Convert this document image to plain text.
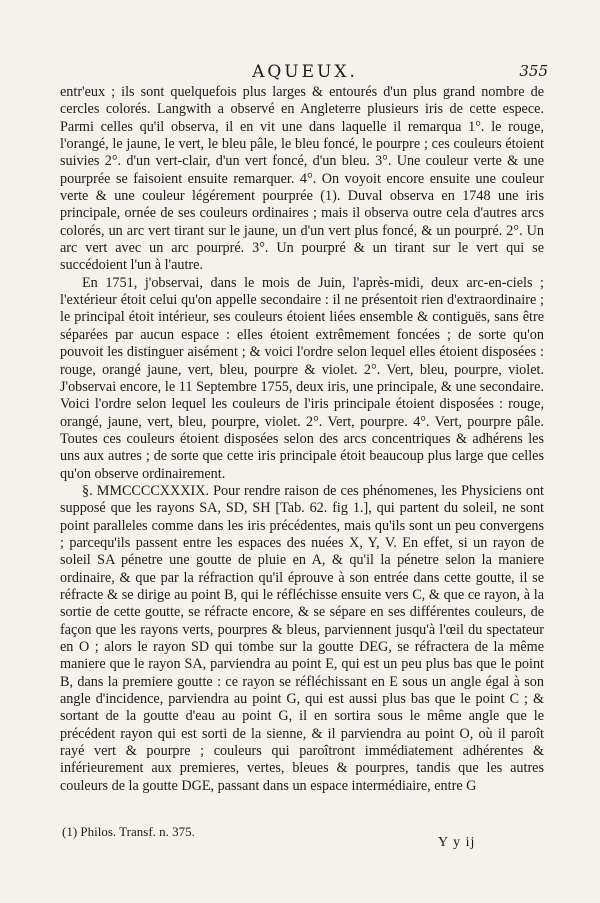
AQUEUX.	355

entr'eux ; ils sont quelquefois plus larges & entourés d'un plus grand nombre de cercles colorés. Langwith a observé en Angleterre plusieurs iris de cette espece. Parmi celles qu'il observa, il en vit une dans laquelle il remarqua 1°. le rouge, l'orangé, le jaune, le vert, le bleu pâle, le bleu foncé, le pourpre ; ces couleurs étoient suivies 2°. d'un vert-clair, d'un vert foncé, d'un bleu. 3°. Une couleur verte & une pourprée se faisoient ensuite remarquer. 4°. On voyoit encore ensuite une couleur verte & une couleur légérement pourprée (1). Duval observa en 1748 une iris principale, ornée de ses couleurs ordinaires ; mais il observa outre cela d'autres arcs colorés, un arc vert tirant sur le jaune, un d'un vert plus foncé, & un pourpré. 2°. Un arc vert avec un arc pourpré. 3°. Un pourpré & un tirant sur le vert qui se succédoient l'un à l'autre.

En 1751, j'observai, dans le mois de Juin, l'après-midi, deux arc-en-ciels ; l'extérieur étoit celui qu'on appelle secondaire : il ne présentoit rien d'extraordinaire ; le principal étoit intérieur, ses couleurs étoient liées ensemble & contiguës, sans être séparées par aucun espace : elles étoient extrêmement foncées ; de sorte qu'on pouvoit les distinguer aisément ; & voici l'ordre selon lequel elles étoient disposées : rouge, orangé jaune, vert, bleu, pourpre & violet. 2°. Vert, bleu, pourpre, violet. J'observai encore, le 11 Septembre 1755, deux iris, une principale, & une secondaire. Voici l'ordre selon lequel les couleurs de l'iris principale étoient disposées : rouge, orangé, jaune, vert, bleu, pourpre, violet. 2°. Vert, pourpre. 4°. Vert, pourpre pâle. Toutes ces couleurs étoient disposées selon des arcs concentriques & adhérens les uns aux autres ; de sorte que cette iris principale étoit beaucoup plus large que celles qu'on observe ordinairement.

§. MMCCCCXXXIX. Pour rendre raison de ces phénomenes, les Physiciens ont supposé que les rayons SA, SD, SH [Tab. 62. fig 1.], qui partent du soleil, ne sont point paralleles comme dans les iris précédentes, mais qu'ils sont un peu convergens ; parcequ'ils passent entre les espaces des nuées X, Y, V. En effet, si un rayon de soleil SA pénetre une goutte de pluie en A, & qu'il la pénetre selon la maniere ordinaire, & que par la réfraction qu'il éprouve à son entrée dans cette goutte, il se réfracte & se dirige au point B, qui le réfléchisse ensuite vers C, & que ce rayon, à la sortie de cette goutte, se réfracte encore, & se sépare en ses différentes couleurs, de façon que les rayons verts, pourpres & bleus, parviennent jusqu'à l'œil du spectateur en O ; alors le rayon SD qui tombe sur la goutte DEG, se réfractera de la même maniere que le rayon SA, parviendra au point E, qui est un peu plus bas que le point B, dans la premiere goutte : ce rayon se réfléchissant en E sous un angle égal à son angle d'incidence, parviendra au point G, qui est aussi plus bas que le point C ; & sortant de la goutte d'eau au point G, il en sortira sous le même angle que le précédent rayon qui est sorti de la sienne, & il parviendra au point O, où il paroît rayé vert & pourpre ; couleurs qui paroîtront immédiatement adhérentes & inférieurement aux premieres, vertes, bleues & pourpres, tandis que les autres couleurs de la goutte DGE, passant dans un espace intermédiaire, entre G

(1) Philos. Transf. n. 375.
Y y ij
